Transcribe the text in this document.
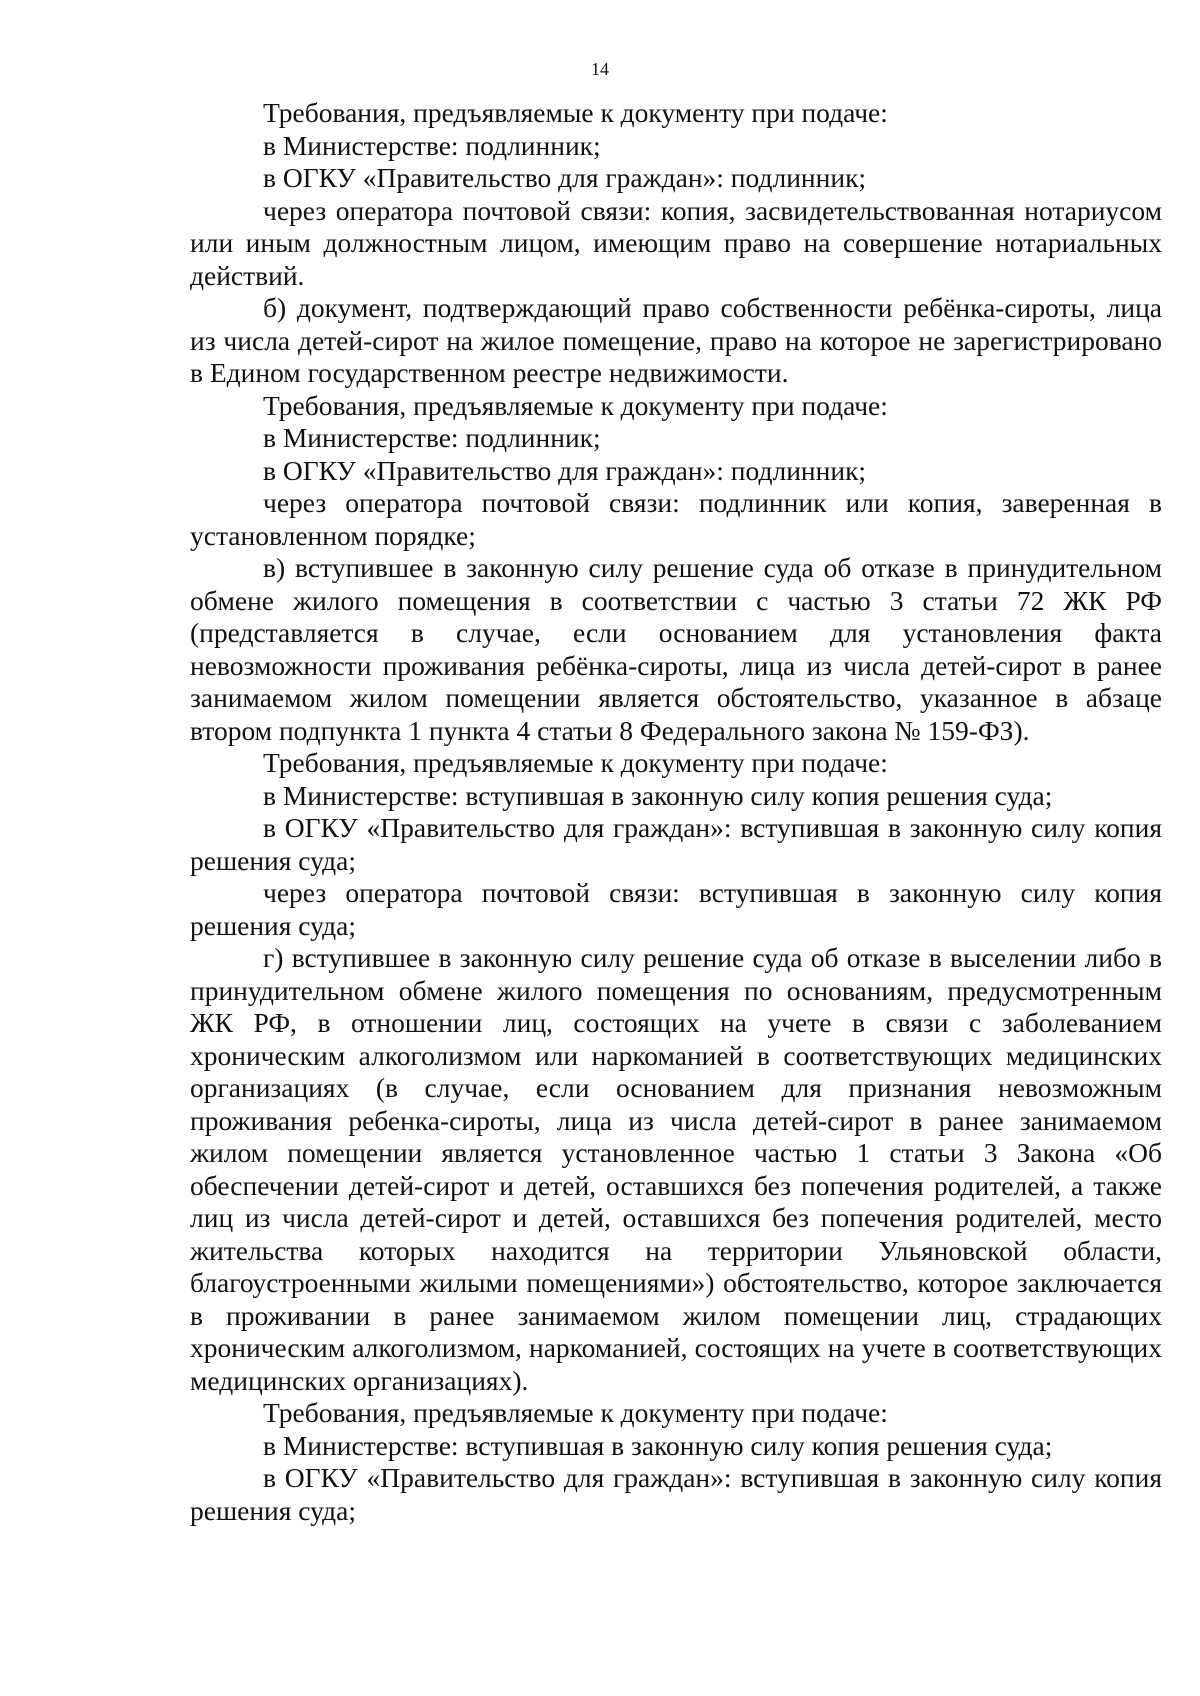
14

Требования, предъявляемые к документу при подаче:

в Министерстве: подлинник;

в ОГКУ «Правительство для граждан»: подлинник;

через оператора почтовой связи: копия, засвидетельствованная нотариусом или иным должностным лицом, имеющим право на совершение нотариальных действий.

б) документ, подтверждающий право собственности ребёнка-сироты, лица из числа детей-сирот на жилое помещение, право на которое не зарегистрировано в Едином государственном реестре недвижимости.

Требования, предъявляемые к документу при подаче:

в Министерстве: подлинник;

в ОГКУ «Правительство для граждан»: подлинник;

через оператора почтовой связи: подлинник или копия, заверенная в установленном порядке;

в) вступившее в законную силу решение суда об отказе в принудительном обмене жилого помещения в соответствии с частью 3 статьи 72 ЖК РФ (представляется в случае, если основанием для установления факта невозможности проживания ребёнка-сироты, лица из числа детей-сирот в ранее занимаемом жилом помещении является обстоятельство, указанное в абзаце втором подпункта 1 пункта 4 статьи 8 Федерального закона № 159-ФЗ).

Требования, предъявляемые к документу при подаче:

в Министерстве: вступившая в законную силу копия решения суда;

в ОГКУ «Правительство для граждан»: вступившая в законную силу копия решения суда;

через оператора почтовой связи: вступившая в законную силу копия решения суда;

г) вступившее в законную силу решение суда об отказе в выселении либо в принудительном обмене жилого помещения по основаниям, предусмотренным ЖК РФ, в отношении лиц, состоящих на учете в связи с заболеванием хроническим алкоголизмом или наркоманией в соответствующих медицинских организациях (в случае, если основанием для признания невозможным проживания ребенка-сироты, лица из числа детей-сирот в ранее занимаемом жилом помещении является установленное частью 1 статьи 3 Закона «Об обеспечении детей-сирот и детей, оставшихся без попечения родителей, а также лиц из числа детей-сирот и детей, оставшихся без попечения родителей, место жительства которых находится на территории Ульяновской области, благоустроенными жилыми помещениями») обстоятельство, которое заключается в проживании в ранее занимаемом жилом помещении лиц, страдающих хроническим алкоголизмом, наркоманией, состоящих на учете в соответствующих медицинских организациях).

Требования, предъявляемые к документу при подаче:

в Министерстве: вступившая в законную силу копия решения суда;

в ОГКУ «Правительство для граждан»: вступившая в законную силу копия решения суда;
